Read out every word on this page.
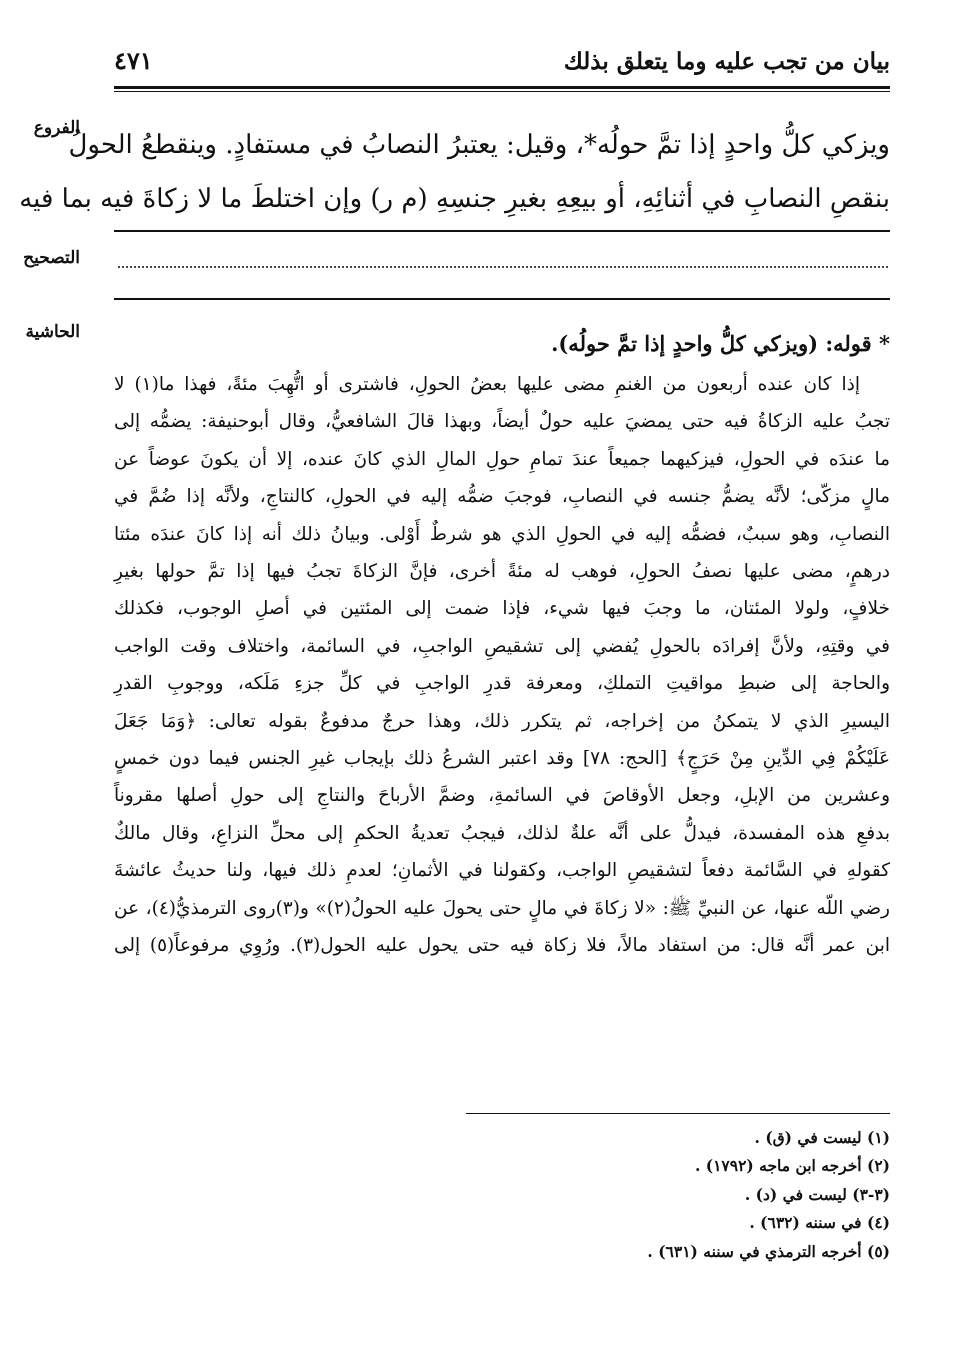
٤٧١	بيان من تجب عليه وما يتعلق بذلك
الفروع
التصحيح
الحاشية
ويزكي كلُّ واحدٍ إذا تمَّ حولُه*، وقيل: يعتبرُ النصابُ في مستفادٍ. وينقطعُ الحولُ
بنقصِ النصابِ في أثنائِهِ، أو بيعِهِ بغيرِ جنسِهِ (م ر) وإن اختلطَ ما لا زكاةَ فيه بما فيه
* قوله: (ويزكي كلُّ واحدٍ إذا تمَّ حولُه).
إذا كان عنده أربعون من الغنمِ مضى عليها بعضُ الحولِ، فاشترى أو اتُّهِبَ مئةً، فهذا ما(١) لا
تجبُ عليه الزكاةُ فيه حتى يمضيَ عليه حولٌ أيضاً، وبهذا قالَ الشافعيُّ، وقال أبوحنيفة: يضمُّه إلى
ما عندَه في الحولِ، فيزكيهما جميعاً عندَ تمامِ حولِ المالِ الذي كانَ عنده، إلا أن يكونَ عوضاً عن
مالٍ مزكّى؛ لأنَّه يضمُّ جنسه في النصابِ، فوجبَ ضمُّه إليه في الحولِ، كالنتاجِ، ولأنَّه إذا ضُمَّ في
النصابِ، وهو سببٌ، فضمُّه إليه في الحولِ الذي هو شرطٌ أَوْلى. وبيانُ ذلك أنه إذا كانَ عندَه مئتا
درهمٍ، مضى عليها نصفُ الحولِ، فوهب له مئةً أخرى، فإنَّ الزكاةَ تجبُ فيها إذا تمَّ حولها بغيرِ
خلافٍ، ولولا المئتان، ما وجبَ فيها شيء، فإذا ضمت إلى المئتين في أصلِ الوجوب، فكذلك
في وقتِهِ، ولأنَّ إفرادَه بالحولِ يُفضي إلى تشقيصِ الواجبِ، في السائمة، واختلاف وقت الواجب
والحاجة إلى ضبطِ مواقيتِ التملكِ، ومعرفة قدرِ الواجبِ في كلِّ جزءِ مَلَكه، ووجوبِ القدرِ
اليسيرِ الذي لا يتمكنُ من إخراجه، ثم يتكرر ذلك، وهذا حرجٌ مدفوعٌ بقوله تعالى: ﴿وَمَا جَعَلَ
عَلَيْكُمْ فِي الدِّينِ مِنْ حَرَجٍ﴾ [الحج: ٧٨] وقد اعتبر الشرعُ ذلك بإيجاب غيرِ الجنس فيما دون خمسٍ
وعشرين من الإبلِ، وجعل الأوقاصَ في السائمةِ، وضمَّ الأرباحَ والنتاجِ إلى حولِ أصلها مقروناً
بدفعِ هذه المفسدة، فيدلُّ على أنَّه علةٌ لذلك، فيجبُ تعديةُ الحكمِ إلى محلِّ النزاعِ، وقال مالكٌ
كقولهِ في السَّائمة دفعاً لتشقيصِ الواجب، وكقولنا في الأثمانِ؛ لعدمِ ذلك فيها، ولنا حديثُ عائشةَ
رضي اللّه عنها، عن النبيِّ ﷺ: «لا زكاةَ في مالٍ حتى يحولَ عليه الحولُ(٢)» و(٣)روى الترمذيُّ(٤)، عن
ابن عمر أنَّه قال: من استفاد مالاً، فلا زكاة فيه حتى يحول عليه الحول(٣). ورُوِي مرفوعاً(٥) إلى
(١) ليست في (ق) .
(٢) أخرجه ابن ماجه (١٧٩٢) .
(٣-٣) ليست في (د) .
(٤) في سننه (٦٣٢) .
(٥) أخرجه الترمذي في سننه (٦٣١) .
